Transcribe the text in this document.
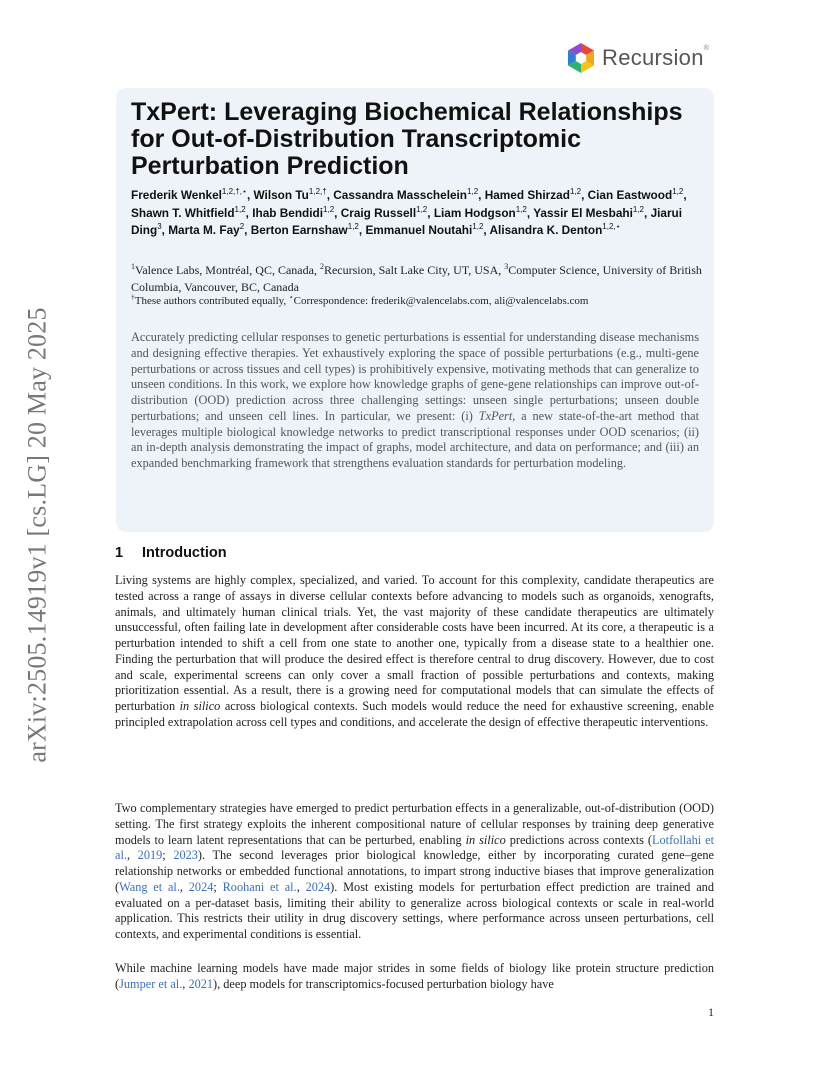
arXiv:2505.14919v1 [cs.LG] 20 May 2025
Recursion®
TxPert: Leveraging Biochemical Relationships for Out-of-Distribution Transcriptomic Perturbation Prediction

Frederik Wenkel$^{1,2,\dagger,⋆}$, Wilson $Tu^{1,2,\dagger}$, Cassandra Masschelein$^{1,2}$, Hamed Shirzad$^{1,2}$, Cian Eastwood$^{1,2}$, Shawn T. Whitfield$^{1,2}$, Ihab Bendidi$^{1,2}$, Craig Russell$^{1,2}$, Liam Hodgson$^{1,2}$, Yassir El Mesbahi$^{1,2}$, Jiarui Ding$^3$, Marta M. Fay$^2$, Berton Earnshaw$^{1,2}$, Emmanuel Noutahi$^{1,2}$, Alisandra K. Denton$^{1,2,⋆}$

$^1$Valence Labs, Montréal, QC, Canada, $^2$Recursion, Salt Lake City, UT, USA, $^3$Computer Science, University of British Columbia, Vancouver, BC, Canada

†These authors contributed equally, ⋆Correspondence: frederik@valencelabs.com, ali@valencelabs.com

Accurately predicting cellular responses to genetic perturbations is essential for understanding disease mechanisms and designing effective therapies. Yet exhaustively exploring the space of possible perturbations (e.g., multi-gene perturbations or across tissues and cell types) is prohibitively expensive, motivating methods that can generalize to unseen conditions. In this work, we explore how knowledge graphs of gene-gene relationships can improve out-of-distribution (OOD) prediction across three challenging settings: unseen single perturbations; unseen double perturbations; and unseen cell lines. In particular, we present: (i) TxPert, a new state-of-the-art method that leverages multiple biological knowledge networks to predict transcriptional responses under OOD scenarios; (ii) an in-depth analysis demonstrating the impact of graphs, model architecture, and data on performance; and (iii) an expanded benchmarking framework that strengthens evaluation standards for perturbation modeling.

1 Introduction

Living systems are highly complex, specialized, and varied. To account for this complexity, candidate therapeutics are tested across a range of assays in diverse cellular contexts before advancing to models such as organoids, xenografts, animals, and ultimately human clinical trials. Yet, the vast majority of these candidate therapeutics are ultimately unsuccessful, often failing late in development after considerable costs have been incurred. At its core, a therapeutic is a perturbation intended to shift a cell from one state to another one, typically from a disease state to a healthier one. Finding the perturbation that will produce the desired effect is therefore central to drug discovery. However, due to cost and scale, experimental screens can only cover a small fraction of possible perturbations and contexts, making prioritization essential. As a result, there is a growing need for computational models that can simulate the effects of perturbation in silico across biological contexts. Such models would reduce the need for exhaustive screening, enable principled extrapolation across cell types and conditions, and accelerate the design of effective therapeutic interventions.

Two complementary strategies have emerged to predict perturbation effects in a generalizable, out-of-distribution (OOD) setting. The first strategy exploits the inherent compositional nature of cellular responses by training deep generative models to learn latent representations that can be perturbed, enabling in silico predictions across contexts (Lotfollahi et al., 2019; 2023). The second leverages prior biological knowledge, either by incorporating curated gene–gene relationship networks or embedded functional annotations, to impart strong inductive biases that improve generalization (Wang et al., 2024; Roohani et al., 2024). Most existing models for perturbation effect prediction are trained and evaluated on a per-dataset basis, limiting their ability to generalize across biological contexts or scale in real-world application. This restricts their utility in drug discovery settings, where performance across unseen perturbations, cell contexts, and experimental conditions is essential.

While machine learning models have made major strides in some fields of biology like protein structure prediction (Jumper et al., 2021), deep models for transcriptomics-focused perturbation biology have

1
